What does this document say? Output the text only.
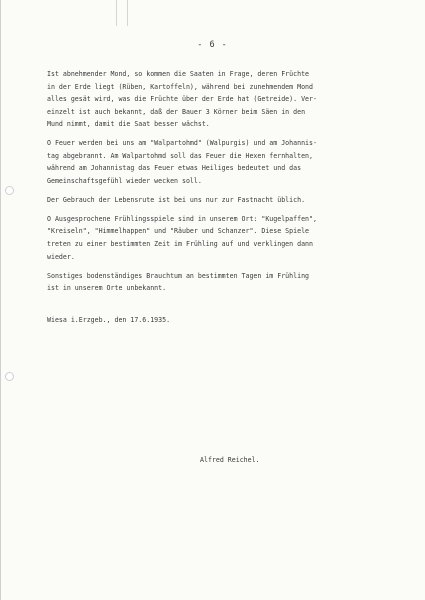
- 6 -

Ist abnehmender Mond, so kommen die Saaten in Frage, deren Früchte
in der Erde liegt (Rüben, Kartoffeln), während bei zunehmendem Mond
alles gesät wird, was die Früchte über der Erde hat (Getreide). Ver-
einzelt ist auch bekannt, daß der Bauer 3 Körner beim Säen in den
Mund nimmt, damit die Saat besser wächst.

O Feuer werden bei uns am "Walpartohmd" (Walpurgis) und am Johannis-
tag abgebrannt. Am Walpartohmd soll das Feuer die Hexen fernhalten,
während am Johannistag das Feuer etwas Heiliges bedeutet und das
Gemeinschaftsgefühl wieder wecken soll.

Der Gebrauch der Lebensrute ist bei uns nur zur Fastnacht üblich.

O Ausgesprochene Frühlingsspiele sind in unserem Ort: "Kugelpaffen",
"Kreiseln", "Himmelhappen" und "Räuber und Schanzer". Diese Spiele
treten zu einer bestimmten Zeit im Frühling auf und verklingen dann
wieder.

Sonstiges bodenständiges Brauchtum an bestimmten Tagen im Frühling
ist in unserem Orte unbekannt.

Wiesa i.Erzgeb., den 17.6.1935.

Alfred Reichel.
